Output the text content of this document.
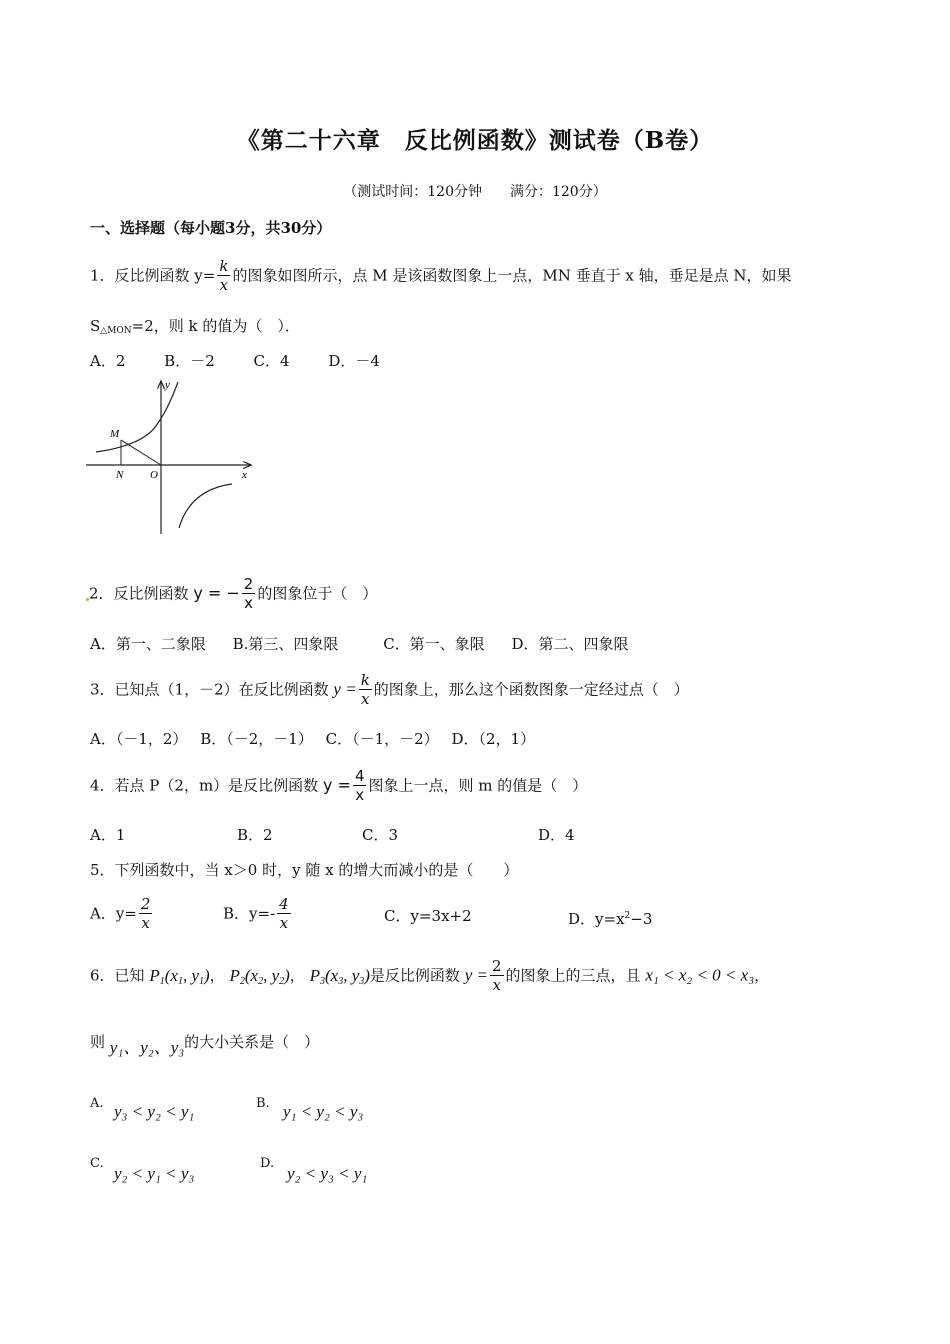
《第二十六章　反比例函数》测试卷（B卷）
（测试时间：120分钟　　满分：120分）
一、选择题（每小题3分，共30分）
1．反比例函数 $y= \frac{k}{x}$ 的图象如图所示，点 M 是该函数图象上一点，MN 垂直于 x 轴，垂足是点 N，如果
S△MON=2，则 k 的值为（　）．
A．2	B．－2	C．4	D．－4
y
x
M
N O
2．反比例函数 y = − $\frac{2}{x}$ 的图象位于（　）
A．第一、二象限 B.第三、四象限	C．第一、象限 D．第二、四象限
3．已知点（1，－2）在反比例函数 $y = \frac{k}{x}$ 的图象上，那么这个函数图象一定经过点（　）
A．（－1，2） B．（－2，－1） C．（－1，－2） D．（2，1）
4．若点 P（2，m）是反比例函数 $y = \frac{4}{x}$ 图象上一点，则 m 的值是（　）
A．1	B．2	C．3	D．4
5．下列函数中，当 x＞0 时，y 随 x 的增大而减小的是（　　）
A．$y= \frac{2}{x}$	B．$y=- \frac{4}{x}$	C．y=3x+2	D．$y=x^2-3$
6．已知 $P_1(x_1$, $y_1$)， $P_2(x_2$, $y_2$)， $P_3(x_3$, $y_3$)是反比例函数 $y = \frac{2}{x}$ 的图象上的三点，且 x₁ < x₂ < 0 < x₃，
则 y₁、y₂、y₃的大小关系是（　）
A. y₃ < y₂ < y₁	B. y₁ < y₂ < y₃
C.
y₂ < y₁ < y₃
D.
y₂ < y₃ < y₁
